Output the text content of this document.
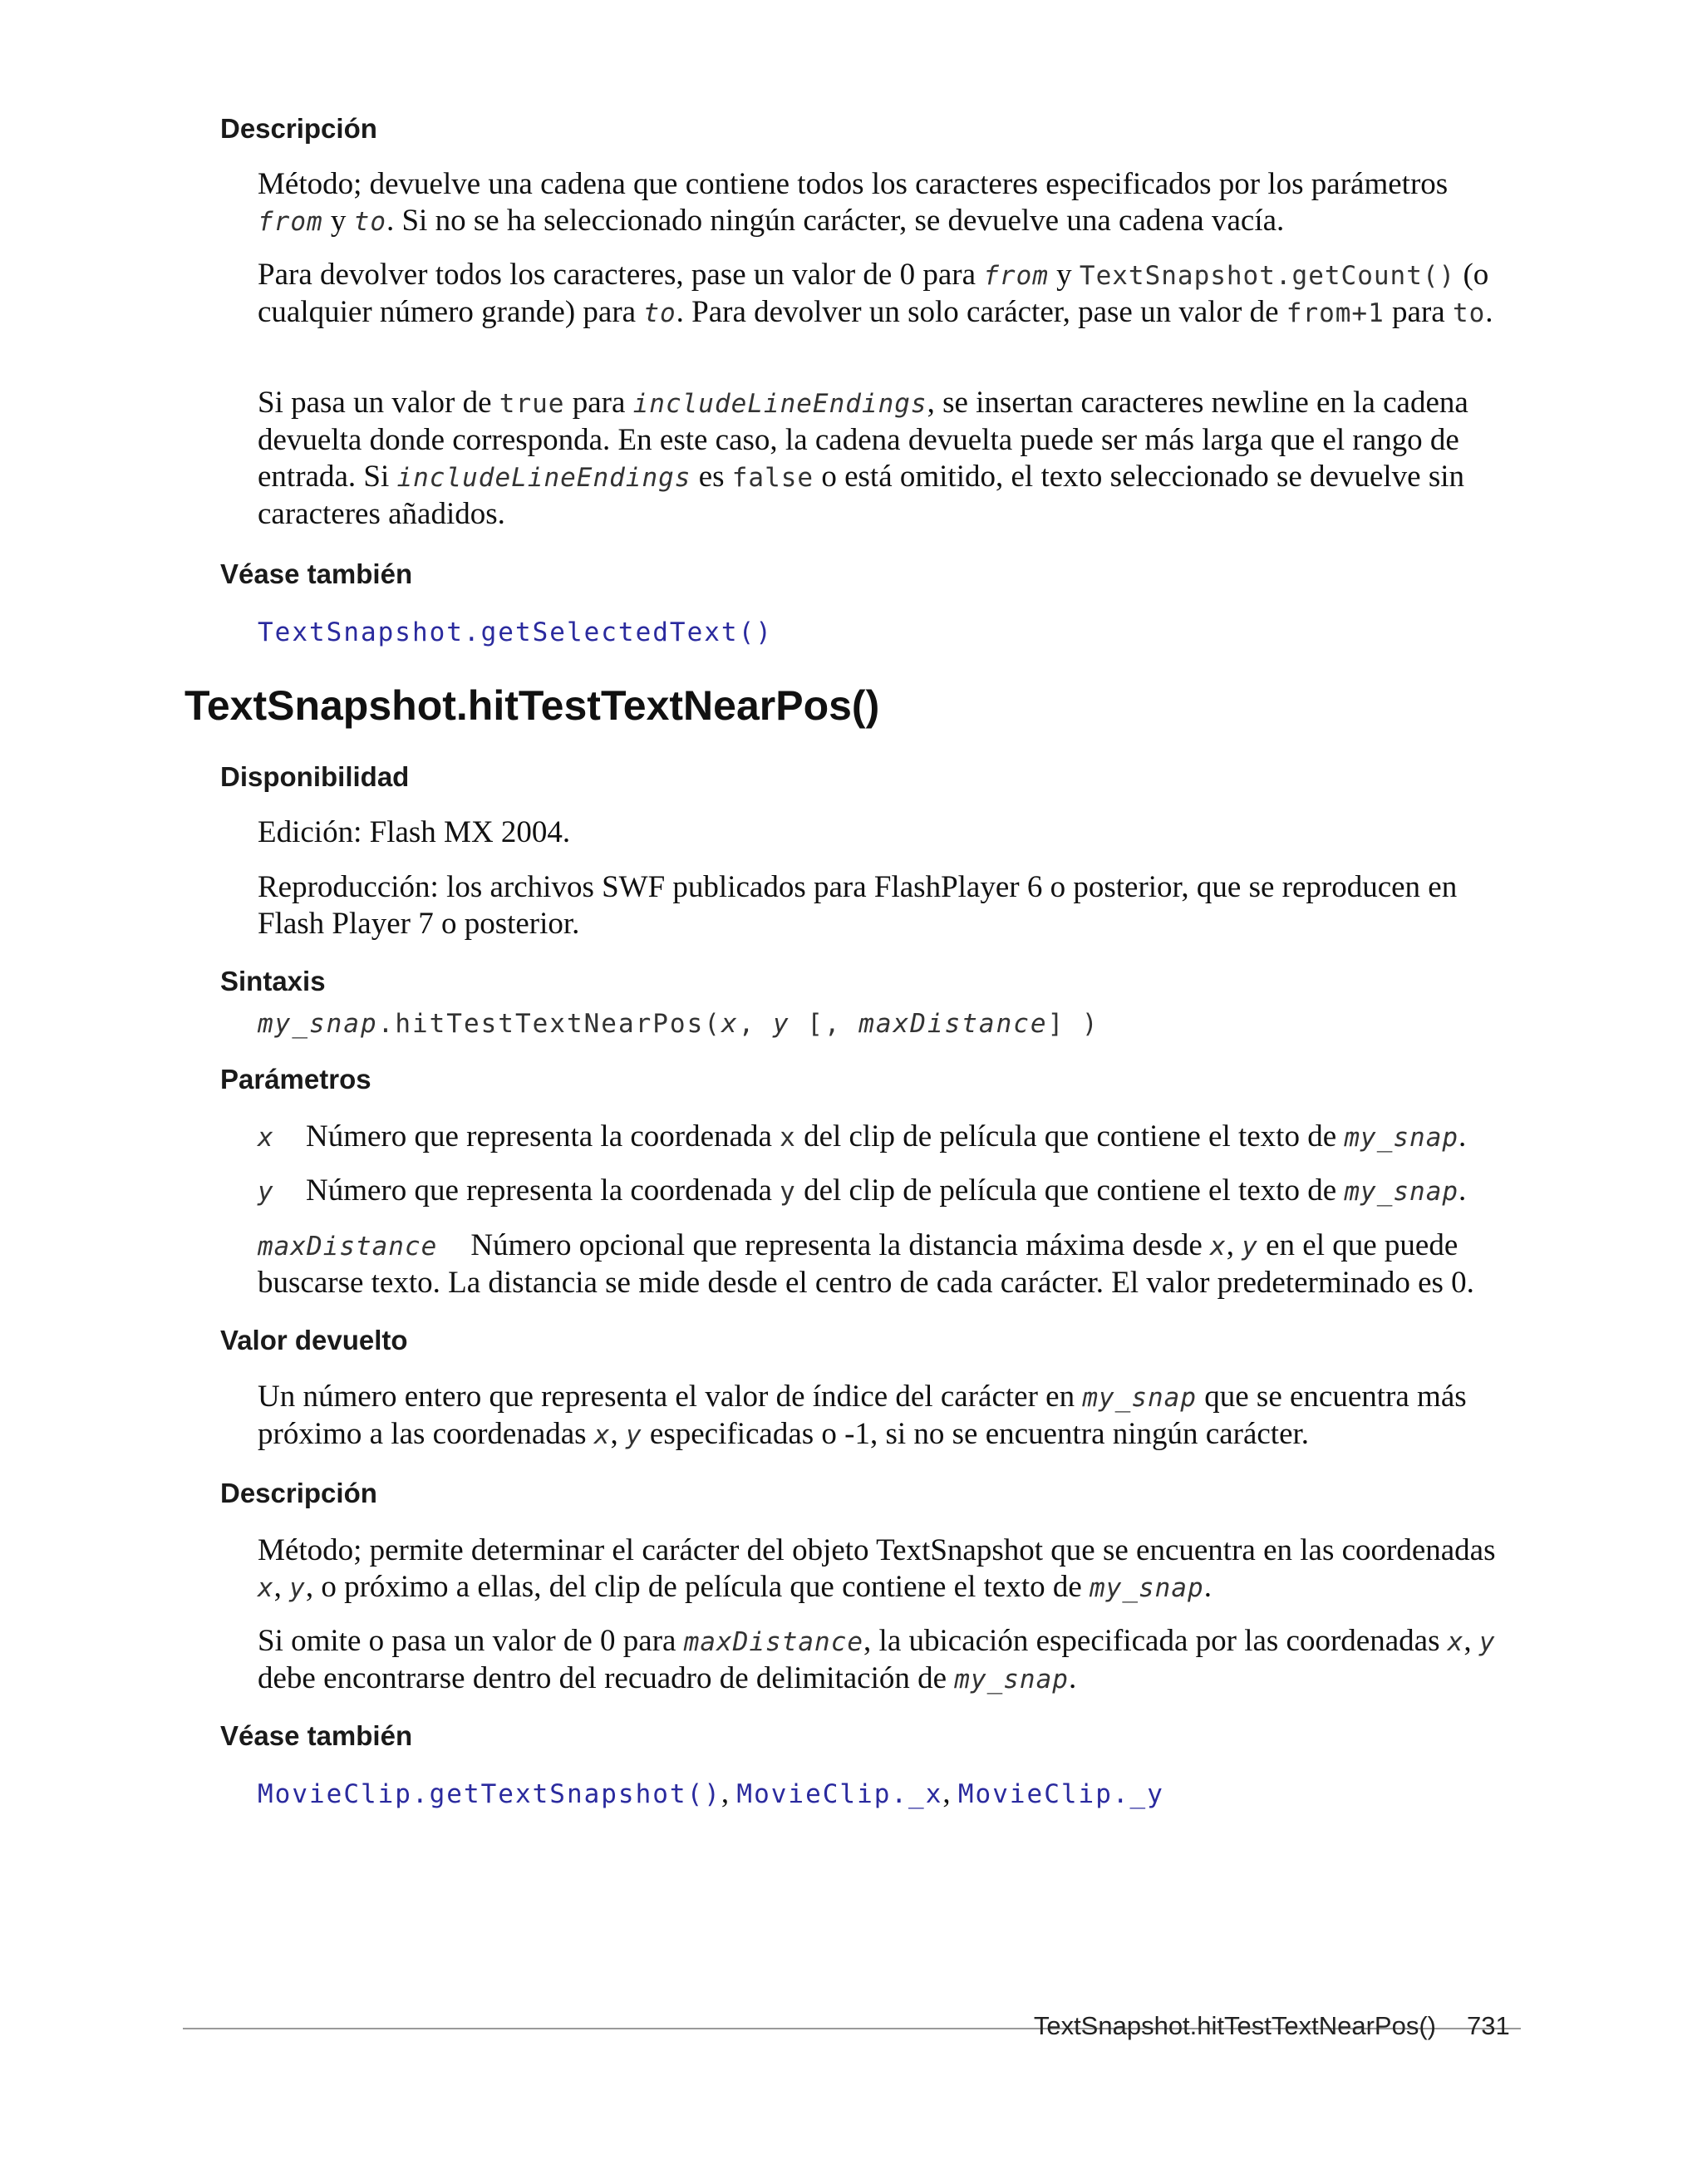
Descripción

Método; devuelve una cadena que contiene todos los caracteres especificados por los parámetros from y to. Si no se ha seleccionado ningún carácter, se devuelve una cadena vacía.

Para devolver todos los caracteres, pase un valor de 0 para from y TextSnapshot.getCount() (o cualquier número grande) para to. Para devolver un solo carácter, pase un valor de from+1 para to.

Si pasa un valor de true para includeLineEndings, se insertan caracteres newline en la cadena devuelta donde corresponda. En este caso, la cadena devuelta puede ser más larga que el rango de entrada. Si includeLineEndings es false o está omitido, el texto seleccionado se devuelve sin caracteres añadidos.

Véase también

TextSnapshot.getSelectedText()

TextSnapshot.hitTestTextNearPos()
Disponibilidad

Edición: Flash MX 2004.

Reproducción: los archivos SWF publicados para FlashPlayer 6 o posterior, que se reproducen en Flash Player 7 o posterior.

Sintaxis

my_snap.hitTestTextNearPos(x, y [, maxDistance] )

Parámetros

x Número que representa la coordenada x del clip de película que contiene el texto de my_snap.

y Número que representa la coordenada y del clip de película que contiene el texto de my_snap.

maxDistance Número opcional que representa la distancia máxima desde x, y en el que puede buscarse texto. La distancia se mide desde el centro de cada carácter. El valor predeterminado es 0.

Valor devuelto

Un número entero que representa el valor de índice del carácter en my_snap que se encuentra más próximo a las coordenadas x, y especificadas o -1, si no se encuentra ningún carácter.

Descripción

Método; permite determinar el carácter del objeto TextSnapshot que se encuentra en las coordenadas x, y, o próximo a ellas, del clip de película que contiene el texto de my_snap.

Si omite o pasa un valor de 0 para maxDistance, la ubicación especificada por las coordenadas x, y debe encontrarse dentro del recuadro de delimitación de my_snap.

Véase también

MovieClip.getTextSnapshot(), MovieClip._x, MovieClip._y

TextSnapshot.hitTestTextNearPos() 731
